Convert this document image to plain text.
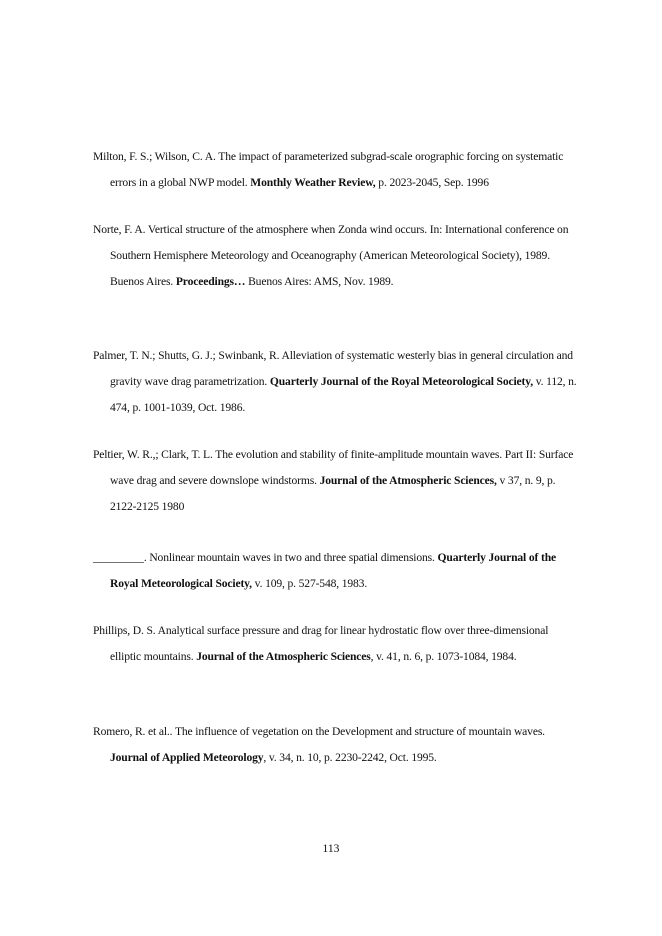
Milton, F. S.; Wilson, C. A. The impact of parameterized subgrad-scale orographic forcing on systematic errors in a global NWP model. Monthly Weather Review, p. 2023-2045, Sep. 1996

Norte, F. A. Vertical structure of the atmosphere when Zonda wind occurs. In: International conference on Southern Hemisphere Meteorology and Oceanography (American Meteorological Society), 1989. Buenos Aires. Proceedings… Buenos Aires: AMS, Nov. 1989.

Palmer, T. N.; Shutts, G. J.; Swinbank, R. Alleviation of systematic westerly bias in general circulation and gravity wave drag parametrization. Quarterly Journal of the Royal Meteorological Society, v. 112, n. 474, p. 1001-1039, Oct. 1986.

Peltier, W. R.,; Clark, T. L. The evolution and stability of finite-amplitude mountain waves. Part II: Surface wave drag and severe downslope windstorms. Journal of the Atmospheric Sciences, v 37, n. 9, p. 2122-2125 1980

_________. Nonlinear mountain waves in two and three spatial dimensions. Quarterly Journal of the Royal Meteorological Society, v. 109, p. 527-548, 1983.

Phillips, D. S. Analytical surface pressure and drag for linear hydrostatic flow over three-dimensional elliptic mountains. Journal of the Atmospheric Sciences, v. 41, n. 6, p. 1073-1084, 1984.

Romero, R. et al.. The influence of vegetation on the Development and structure of mountain waves. Journal of Applied Meteorology, v. 34, n. 10, p. 2230-2242, Oct. 1995.

113
